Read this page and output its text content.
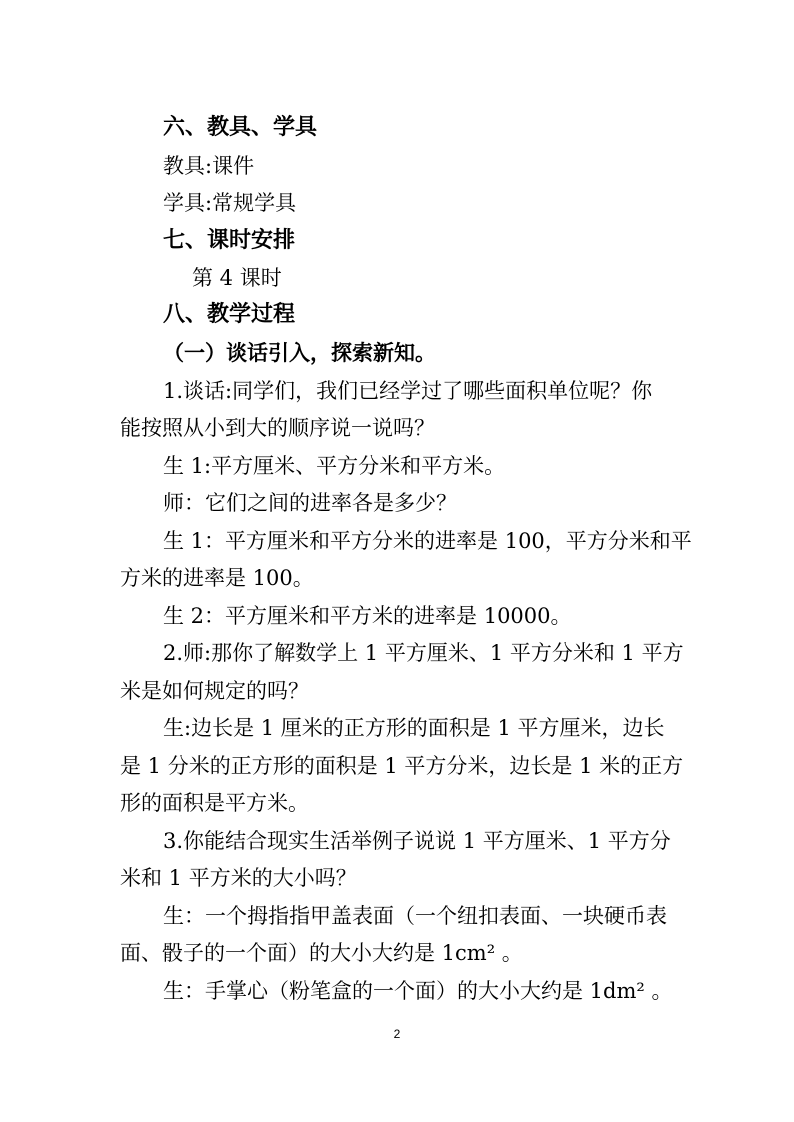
六、教具、学具
教具:课件
学具:常规学具
七、课时安排
第 4 课时
八、教学过程
（一）谈话引入，探索新知。
1.谈话:同学们，我们已经学过了哪些面积单位呢？你
能按照从小到大的顺序说一说吗？
生 1:平方厘米、平方分米和平方米。
师：它们之间的进率各是多少？
生 1：平方厘米和平方分米的进率是 100，平方分米和平
方米的进率是 100。
生 2：平方厘米和平方米的进率是 10000。
2.师:那你了解数学上 1 平方厘米、1 平方分米和 1 平方
米是如何规定的吗？
生:边长是 1 厘米的正方形的面积是 1 平方厘米，边长
是 1 分米的正方形的面积是 1 平方分米，边长是 1 米的正方
形的面积是平方米。
3.你能结合现实生活举例子说说 1 平方厘米、1 平方分
米和 1 平方米的大小吗？
生：一个拇指指甲盖表面（一个纽扣表面、一块硬币表
面、骰子的一个面）的大小大约是 1cm² 。
生：手掌心（粉笔盒的一个面）的大小大约是 1dm² 。
2
